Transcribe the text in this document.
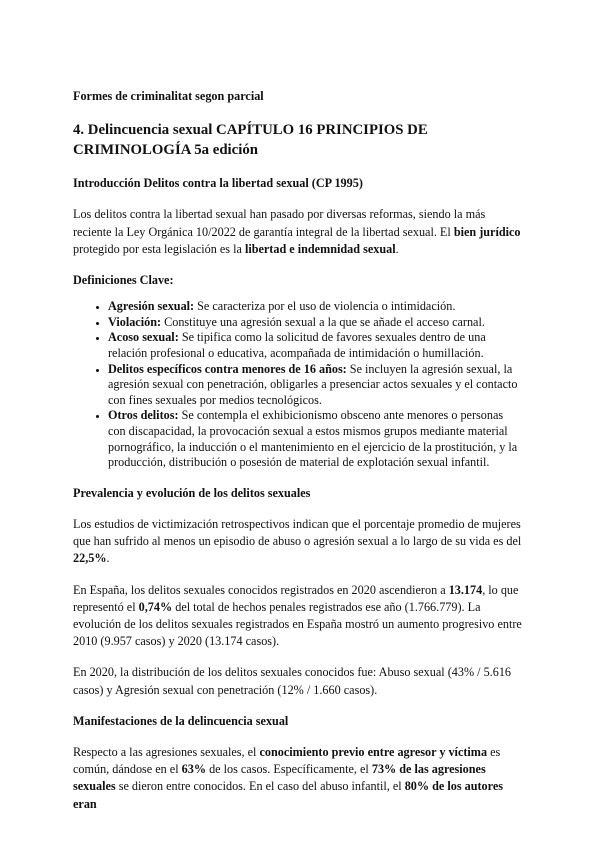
Formes de criminalitat segon parcial

4. Delincuencia sexual CAPÍTULO 16 PRINCIPIOS DE CRIMINOLOGÍA 5a edición

Introducción Delitos contra la libertad sexual (CP 1995)

Los delitos contra la libertad sexual han pasado por diversas reformas, siendo la más reciente la Ley Orgánica 10/2022 de garantía integral de la libertad sexual. El bien jurídico protegido por esta legislación es la libertad e indemnidad sexual.

Definiciones Clave:

• Agresión sexual: Se caracteriza por el uso de violencia o intimidación.
• Violación: Constituye una agresión sexual a la que se añade el acceso carnal.
• Acoso sexual: Se tipifica como la solicitud de favores sexuales dentro de una relación profesional o educativa, acompañada de intimidación o humillación.
• Delitos específicos contra menores de 16 años: Se incluyen la agresión sexual, la agresión sexual con penetración, obligarles a presenciar actos sexuales y el contacto con fines sexuales por medios tecnológicos.
• Otros delitos: Se contempla el exhibicionismo obsceno ante menores o personas con discapacidad, la provocación sexual a estos mismos grupos mediante material pornográfico, la inducción o el mantenimiento en el ejercicio de la prostitución, y la producción, distribución o posesión de material de explotación sexual infantil.

Prevalencia y evolución de los delitos sexuales

Los estudios de victimización retrospectivos indican que el porcentaje promedio de mujeres que han sufrido al menos un episodio de abuso o agresión sexual a lo largo de su vida es del 22,5%.

En España, los delitos sexuales conocidos registrados en 2020 ascendieron a 13.174, lo que representó el 0,74% del total de hechos penales registrados ese año (1.766.779). La evolución de los delitos sexuales registrados en España mostró un aumento progresivo entre 2010 (9.957 casos) y 2020 (13.174 casos).

En 2020, la distribución de los delitos sexuales conocidos fue: Abuso sexual (43% / 5.616 casos) y Agresión sexual con penetración (12% / 1.660 casos).

Manifestaciones de la delincuencia sexual

Respecto a las agresiones sexuales, el conocimiento previo entre agresor y víctima es común, dándose en el 63% de los casos. Específicamente, el 73% de las agresiones sexuales se dieron entre conocidos. En el caso del abuso infantil, el 80% de los autores eran
